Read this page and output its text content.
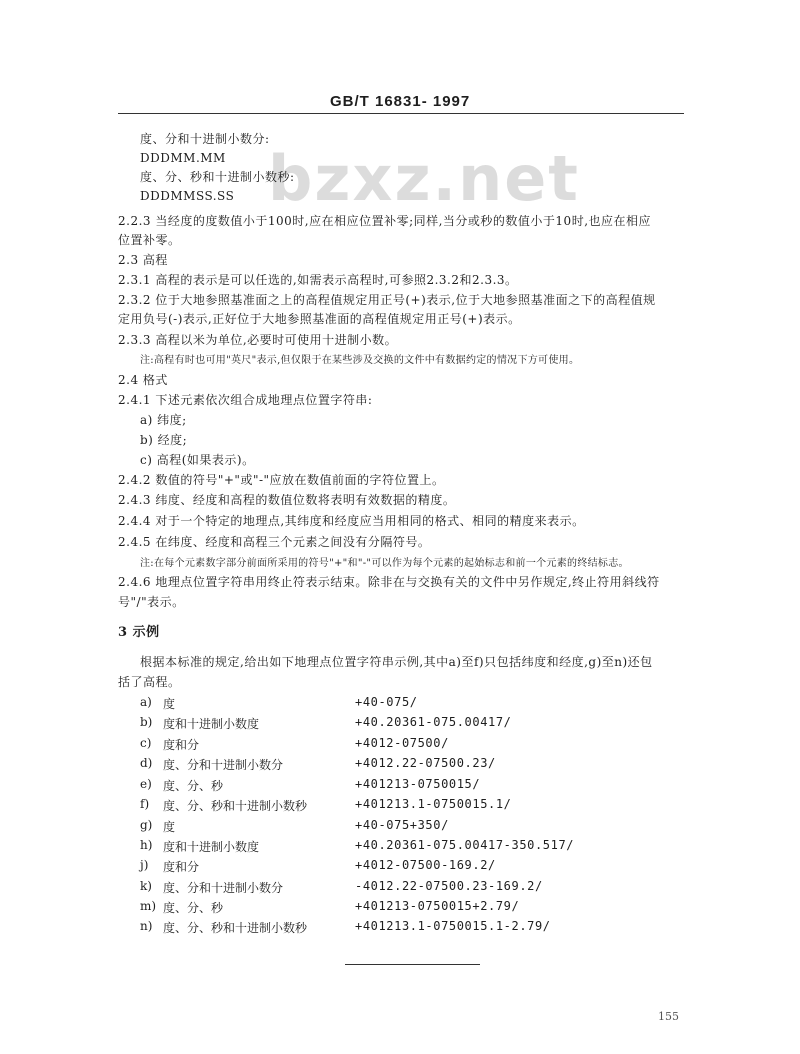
GB/T 16831- 1997
bzxz.net
度、分和十进制小数分:
DDDMM.MM
度、分、秒和十进制小数秒:
DDDMMSS.SS
2.2.3 当经度的度数值小于100时,应在相应位置补零;同样,当分或秒的数值小于10时,也应在相应
位置补零。
2.3 高程
2.3.1 高程的表示是可以任选的,如需表示高程时,可参照2.3.2和2.3.3。
2.3.2 位于大地参照基准面之上的高程值规定用正号(+)表示,位于大地参照基准面之下的高程值规
定用负号(-)表示,正好位于大地参照基准面的高程值规定用正号(+)表示。
2.3.3 高程以米为单位,必要时可使用十进制小数。
注:高程有时也可用"英尺"表示,但仅限于在某些涉及交换的文件中有数据约定的情况下方可使用。
2.4 格式
2.4.1 下述元素依次组合成地理点位置字符串:
a) 纬度;
b) 经度;
c) 高程(如果表示)。
2.4.2 数值的符号"+"或"-"应放在数值前面的字符位置上。
2.4.3 纬度、经度和高程的数值位数将表明有效数据的精度。
2.4.4 对于一个特定的地理点,其纬度和经度应当用相同的格式、相同的精度来表示。
2.4.5 在纬度、经度和高程三个元素之间没有分隔符号。
注:在每个元素数字部分前面所采用的符号"+"和"-"可以作为每个元素的起始标志和前一个元素的终结标志。
2.4.6 地理点位置字符串用终止符表示结束。除非在与交换有关的文件中另作规定,终止符用斜线符
号"/"表示。
3 示例
根据本标准的规定,给出如下地理点位置字符串示例,其中a)至f)只包括纬度和经度,g)至n)还包
括了高程。
a) 度	+40-075/
b) 度和十进制小数度	+40.20361-075.00417/
c) 度和分	+4012-07500/
d) 度、分和十进制小数分	+4012.22-07500.23/
e) 度、分、秒	+401213-0750015/
f) 度、分、秒和十进制小数秒	+401213.1-0750015.1/
g) 度	+40-075+350/
h) 度和十进制小数度	+40.20361-075.00417-350.517/
j) 度和分	+4012-07500-169.2/
k) 度、分和十进制小数分	-4012.22-07500.23-169.2/
m) 度、分、秒	+401213-0750015+2.79/
n) 度、分、秒和十进制小数秒	+401213.1-0750015.1-2.79/
155
